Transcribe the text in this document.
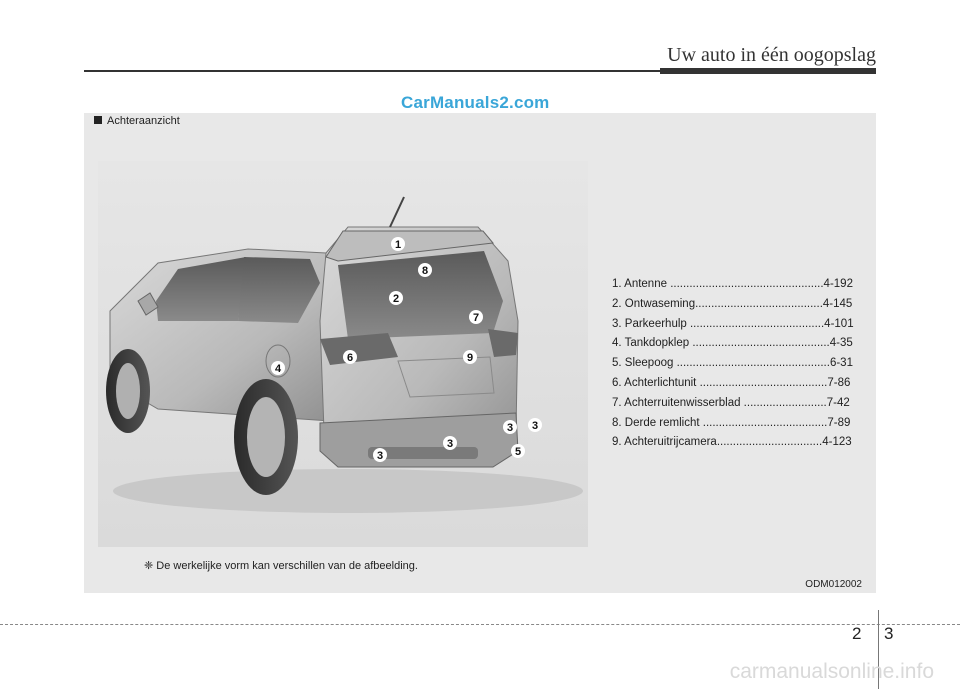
Uw auto in één oogopslag
CarManuals2.com
Achteraanzicht
1
2
3
3
3 3
4
5
6
7
8
9
1. Antenne ................................................4-192
2. Ontwaseming........................................4-145
3. Parkeerhulp ..........................................4-101
4. Tankdopklep ...........................................4-35
5. Sleepoog ................................................6-31
6. Achterlichtunit ........................................7-86
7. Achterruitenwisserblad ..........................7-42
8. Derde remlicht .......................................7-89
9. Achteruitrijcamera.................................4-123
❈ De werkelijke vorm kan verschillen van de afbeelding.
ODM012002
2 3
carmanualsonline.info
